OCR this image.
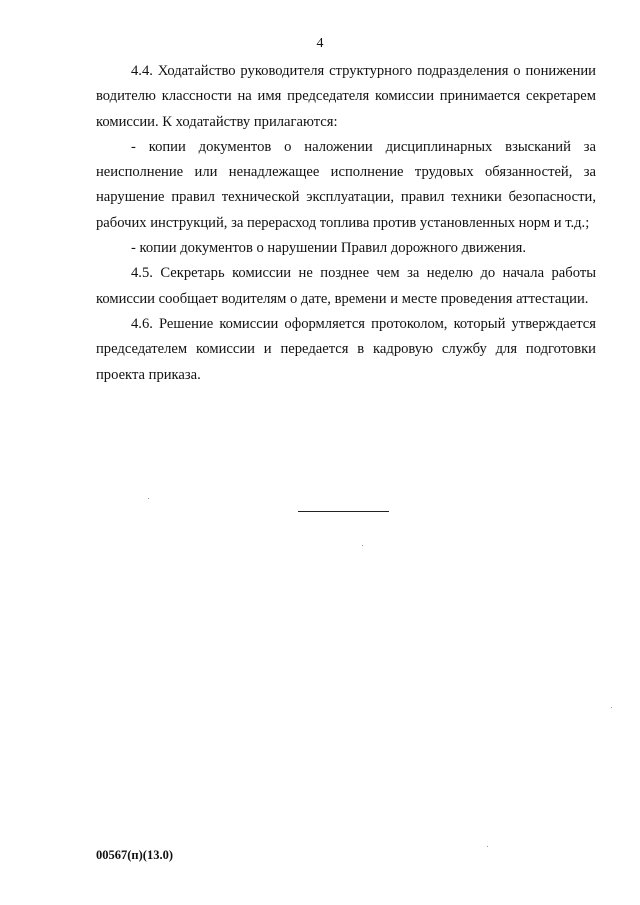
4

4.4. Ходатайство руководителя структурного подразделения о понижении водителю классности на имя председателя комиссии принимается секретарем комиссии. К ходатайству прилагаются:

- копии документов о наложении дисциплинарных взысканий за неисполнение или ненадлежащее исполнение трудовых обязанностей, за нарушение правил технической эксплуатации, правил техники безопасности, рабочих инструкций, за перерасход топлива против установленных норм и т.д.;

- копии документов о нарушении Правил дорожного движения.

4.5. Секретарь комиссии не позднее чем за неделю до начала работы комиссии сообщает водителям о дате, времени и месте проведения аттестации.

4.6. Решение комиссии оформляется протоколом, который утверждается председателем комиссии и передается в кадровую службу для подготовки проекта приказа.

00567(п)(13.0)
